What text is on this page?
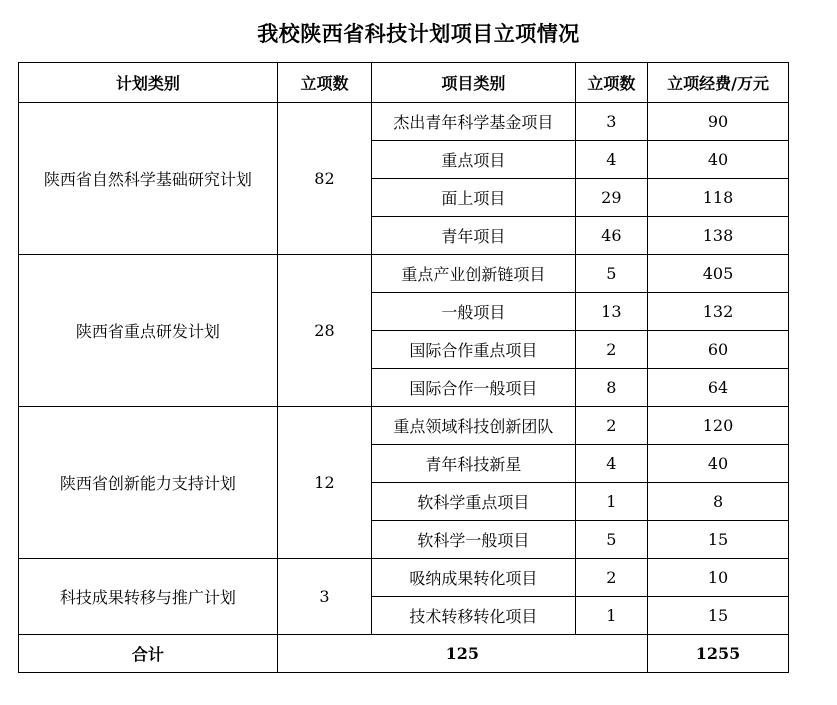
我校陕西省科技计划项目立项情况
计划类别	立项数	项目类别	立项数	立项经费/万元
陕西省自然科学基础研究计划	82	杰出青年科学基金项目	3	90
		重点项目	4	40
		面上项目	29	118
		青年项目	46	138
陕西省重点研发计划	28	重点产业创新链项目	5	405
		一般项目	13	132
		国际合作重点项目	2	60
		国际合作一般项目	8	64
陕西省创新能力支持计划	12	重点领域科技创新团队	2	120
		青年科技新星	4	40
		软科学重点项目	1	8
		软科学一般项目	5	15
科技成果转移与推广计划	3	吸纳成果转化项目	2	10
		技术转移转化项目	1	15
合计	125			1255
